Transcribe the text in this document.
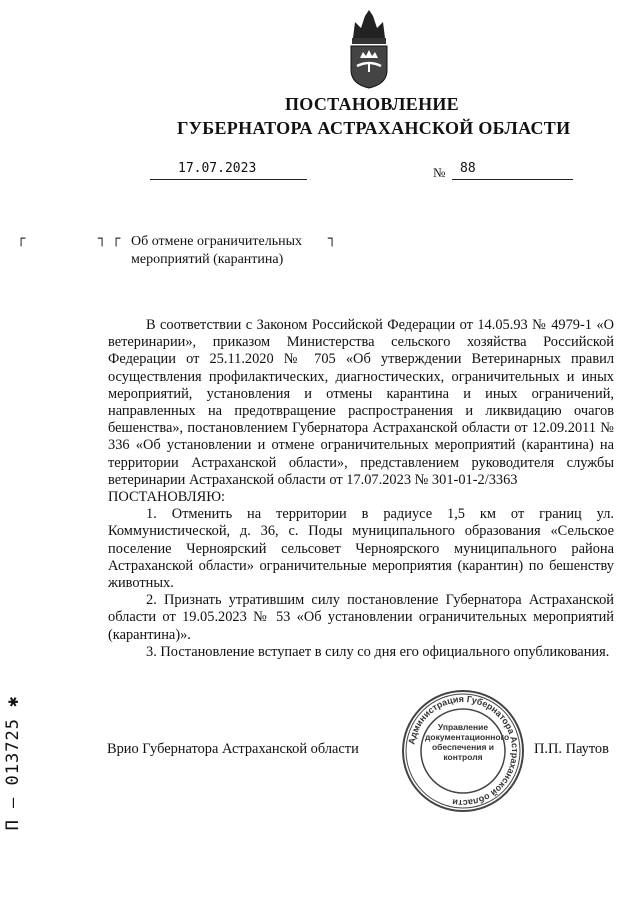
ПОСТАНОВЛЕНИЕ
ГУБЕРНАТОРА АСТРАХАНСКОЙ ОБЛАСТИ
17.07.2023	№ 88
┌	┐ ┌	┐
Об отмене ограничительных
мероприятий (карантина)

В соответствии с Законом Российской Федерации от 14.05.93 № 4979-1 «О ветеринарии», приказом Министерства сельского хозяйства Российской Федерации от 25.11.2020 № 705 «Об утверждении Ветеринарных правил осуществления профилактических, диагностических, ограничительных и иных мероприятий, установления и отмены карантина и иных ограничений, направленных на предотвращение распространения и ликвидацию очагов бешенства», постановлением Губернатора Астраханской области от 12.09.2011 № 336 «Об установлении и отмене ограничительных мероприятий (карантина) на территории Астраханской области», представлением руководителя службы ветеринарии Астраханской области от 17.07.2023 № 301-01-2/3363

ПОСТАНОВЛЯЮ:

1. Отменить на территории в радиусе 1,5 км от границ ул. Коммунистической, д. 36, с. Поды муниципального образования «Сельское поселение Черноярский сельсовет Черноярского муниципального района Астраханской области» ограничительные мероприятия (карантин) по бешенству животных.

2. Признать утратившим силу постановление Губернатора Астраханской области от 19.05.2023 № 53 «Об установлении ограничительных мероприятий (карантина)».

3. Постановление вступает в силу со дня его официального опубликования.

П – 013725 ✱	Администрация Губернатора Астраханской области
Управление документационного обеспечения и контроля
Врио Губернатора Астраханской области	П.П. Паутов
